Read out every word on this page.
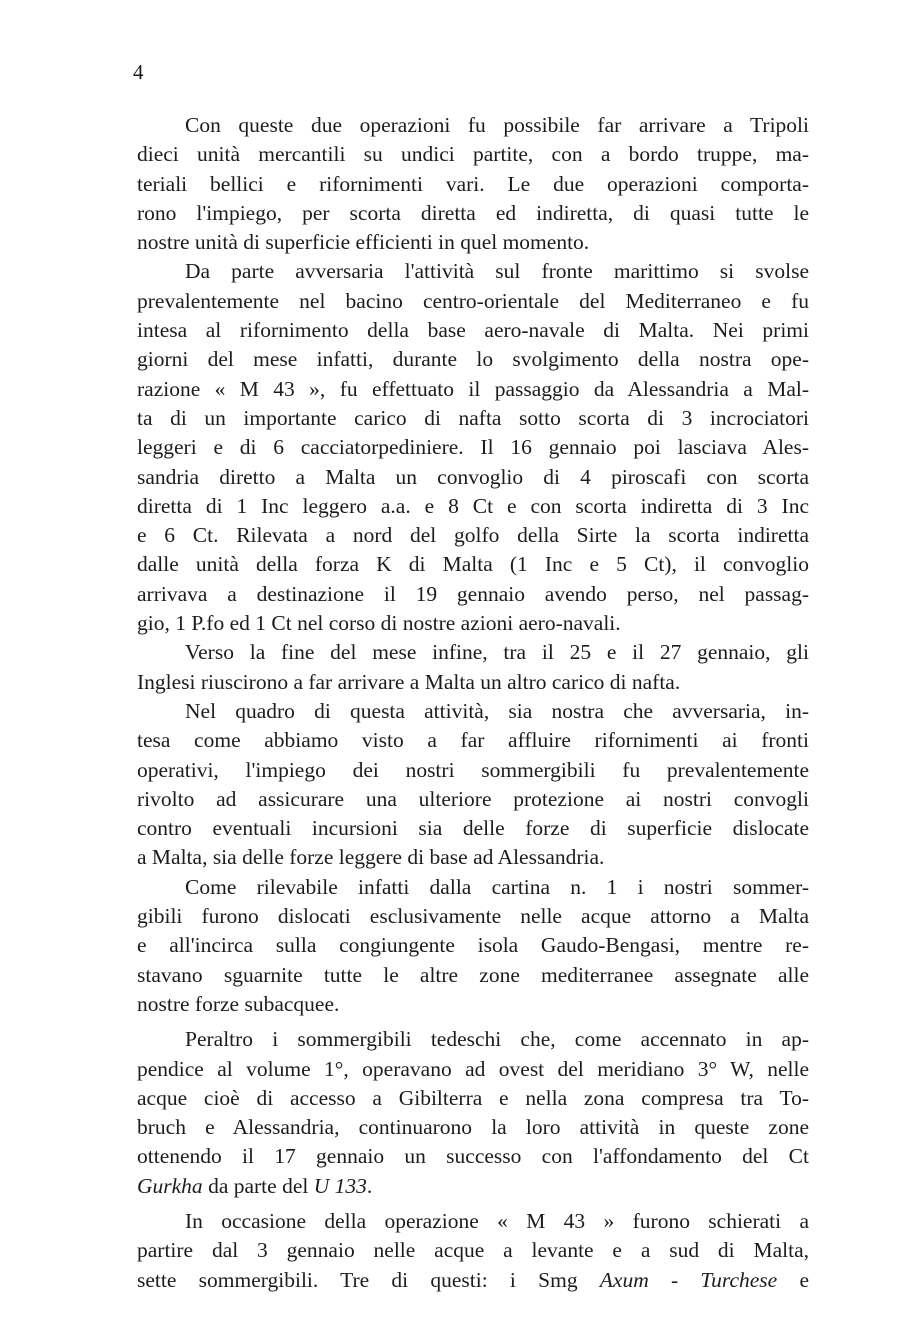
4
Con queste due operazioni fu possibile far arrivare a Tripoli
dieci unità mercantili su undici partite, con a bordo truppe, ma-
teriali bellici e rifornimenti vari. Le due operazioni comporta-
rono l'impiego, per scorta diretta ed indiretta, di quasi tutte le
nostre unità di superficie efficienti in quel momento.
Da parte avversaria l'attività sul fronte marittimo si svolse
prevalentemente nel bacino centro-orientale del Mediterraneo e fu
intesa al rifornimento della base aero-navale di Malta. Nei primi
giorni del mese infatti, durante lo svolgimento della nostra ope-
razione « M 43 », fu effettuato il passaggio da Alessandria a Mal-
ta di un importante carico di nafta sotto scorta di 3 incrociatori
leggeri e di 6 cacciatorpediniere. Il 16 gennaio poi lasciava Ales-
sandria diretto a Malta un convoglio di 4 piroscafi con scorta
diretta di 1 Inc leggero a.a. e 8 Ct e con scorta indiretta di 3 Inc
e 6 Ct. Rilevata a nord del golfo della Sirte la scorta indiretta
dalle unità della forza K di Malta (1 Inc e 5 Ct), il convoglio
arrivava a destinazione il 19 gennaio avendo perso, nel passag-
gio, 1 P.fo ed 1 Ct nel corso di nostre azioni aero-navali.
Verso la fine del mese infine, tra il 25 e il 27 gennaio, gli
Inglesi riuscirono a far arrivare a Malta un altro carico di nafta.
Nel quadro di questa attività, sia nostra che avversaria, in-
tesa come abbiamo visto a far affluire rifornimenti ai fronti
operativi, l'impiego dei nostri sommergibili fu prevalentemente
rivolto ad assicurare una ulteriore protezione ai nostri convogli
contro eventuali incursioni sia delle forze di superficie dislocate
a Malta, sia delle forze leggere di base ad Alessandria.
Come rilevabile infatti dalla cartina n. 1 i nostri sommer-
gibili furono dislocati esclusivamente nelle acque attorno a Malta
e all'incirca sulla congiungente isola Gaudo-Bengasi, mentre re-
stavano sguarnite tutte le altre zone mediterranee assegnate alle
nostre forze subacquee.
Peraltro i sommergibili tedeschi che, come accennato in ap-
pendice al volume 1°, operavano ad ovest del meridiano 3° W, nelle
acque cioè di accesso a Gibilterra e nella zona compresa tra To-
bruch e Alessandria, continuarono la loro attività in queste zone
ottenendo il 17 gennaio un successo con l'affondamento del Ct
Gurkha da parte del U 133.
In occasione della operazione « M 43 » furono schierati a
partire dal 3 gennaio nelle acque a levante e a sud di Malta,
sette sommergibili. Tre di questi: i Smg Axum - Turchese e
